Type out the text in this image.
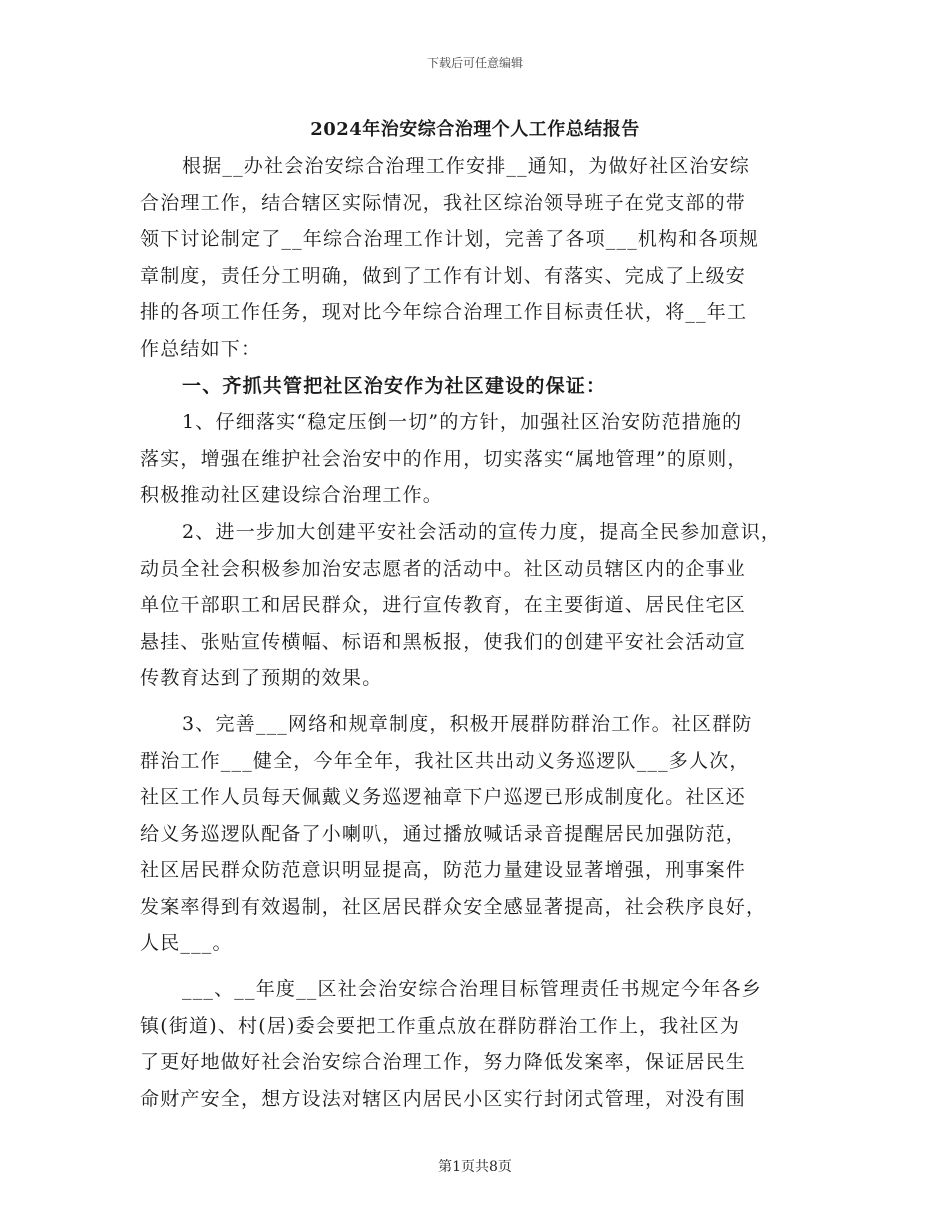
下载后可任意编辑
2024年治安综合治理个人工作总结报告

根据__办社会治安综合治理工作安排__通知，为做好社区治安综
合治理工作，结合辖区实际情况，我社区综治领导班子在党支部的带
领下讨论制定了__年综合治理工作计划，完善了各项___机构和各项规
章制度，责任分工明确，做到了工作有计划、有落实、完成了上级安
排的各项工作任务，现对比今年综合治理工作目标责任状，将__年工
作总结如下：

一、齐抓共管把社区治安作为社区建设的保证：

1、仔细落实“稳定压倒一切”的方针，加强社区治安防范措施的
落实，增强在维护社会治安中的作用，切实落实“属地管理”的原则，
积极推动社区建设综合治理工作。

2、进一步加大创建平安社会活动的宣传力度，提高全民参加意识，
动员全社会积极参加治安志愿者的活动中。社区动员辖区内的企事业
单位干部职工和居民群众，进行宣传教育，在主要街道、居民住宅区
悬挂、张贴宣传横幅、标语和黑板报，使我们的创建平安社会活动宣
传教育达到了预期的效果。

3、完善___网络和规章制度，积极开展群防群治工作。社区群防
群治工作___健全，今年全年，我社区共出动义务巡逻队___多人次，
社区工作人员每天佩戴义务巡逻袖章下户巡逻已形成制度化。社区还
给义务巡逻队配备了小喇叭，通过播放喊话录音提醒居民加强防范，
社区居民群众防范意识明显提高，防范力量建设显著增强，刑事案件
发案率得到有效遏制，社区居民群众安全感显著提高，社会秩序良好，
人民___。

___、__年度__区社会治安综合治理目标管理责任书规定今年各乡
镇(街道)、村(居)委会要把工作重点放在群防群治工作上，我社区为
了更好地做好社会治安综合治理工作，努力降低发案率，保证居民生
命财产安全，想方设法对辖区内居民小区实行封闭式管理，对没有围

第1页共8页
